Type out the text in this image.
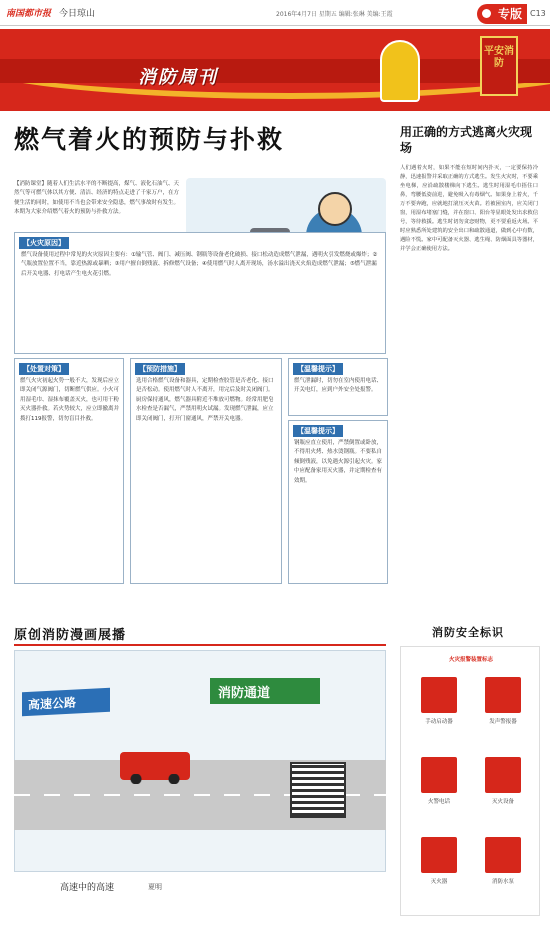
南国都市报 今日琼山	2016年4月7日 星期五 编辑:张琳 美编:王霞	专版	C13
平安消防
消防周刊
燃气着火的预防与扑救
【消防课堂】随着人们生活水平的不断提高，煤气、液化石油气、天然气等可燃气体以其方便、清洁、经济的特点走进了千家万户，在方便生活的同时，如使用不当也会带来安全隐患，燃气事故时有发生。本期为大家介绍燃气着火的预防与扑救方法。
【火灾原因】
燃气设备使用过程中常见的火灾原因主要有：①输气管、阀门、减压阀、钢瓶等设备老化破损、接口松动造成燃气泄漏，遇明火引发燃烧或爆炸；②气瓶放置位置不当，靠近热源或暴晒；③用户擅自倒残液、拆修燃气设备；④使用燃气时人离开现场，汤水溢出浇灭火焰造成燃气泄漏；⑤燃气泄漏后开关电器、打电话产生电火花引燃。
用正确的方式逃离火灾现场
人们遇着火时，如果不能在短时间内扑灭，一定要保持冷静，迅速报警并采取正确的方式逃生。发生火灾时，不要乘坐电梯，应沿疏散楼梯向下逃生。逃生时用湿毛巾捂住口鼻，弯腰低姿前进，避免吸入有毒烟气。如果身上着火，千万不要奔跑，应就地打滚压灭火苗。若被困室内，应关闭门窗，用湿布堵塞门缝，并在窗口、阳台等显眼处发出求救信号，等待救援。逃生时切勿贪恋财物，更不要重返火场。平时应熟悉所处建筑的安全出口和疏散通道，做到心中有数，遇险不慌。家中可配备灭火器、逃生绳、防烟面具等器材，并学会正确使用方法。
【处置对策】
燃气火灾初起火势一般不大，发现后应立即关闭气源阀门，切断燃气供应。小火可用湿毛巾、湿抹布覆盖灭火，也可用干粉灭火器扑救。若火势较大，应立即撤离并拨打119报警，切勿盲目扑救。
【预防措施】
选用合格燃气设备和器具，定期检查胶管是否老化、接口是否松动。使用燃气时人不离开，用完后及时关闭阀门。厨房保持通风，燃气器具附近不堆放可燃物。经常用肥皂水检查是否漏气，严禁用明火试漏。发现燃气泄漏，应立即关闭阀门，打开门窗通风，严禁开关电器。
【温馨提示】
燃气泄漏时，切勿在室内使用电话、开关电灯，应到户外安全处报警。
【温馨提示】
钢瓶应直立使用，严禁倒置或卧放，不得用火烤、热水烫钢瓶。不要私自倾倒残液，以免遇火源引起火灾。家中应配备家用灭火器，并定期检查有效期。
原创消防漫画展播
高速公路
消防通道
高速中的高速	夏明
消防安全标识
火灾报警装置标志
手动启动器	发声警报器
火警电话	灭火设备
灭火器	消防水泵
